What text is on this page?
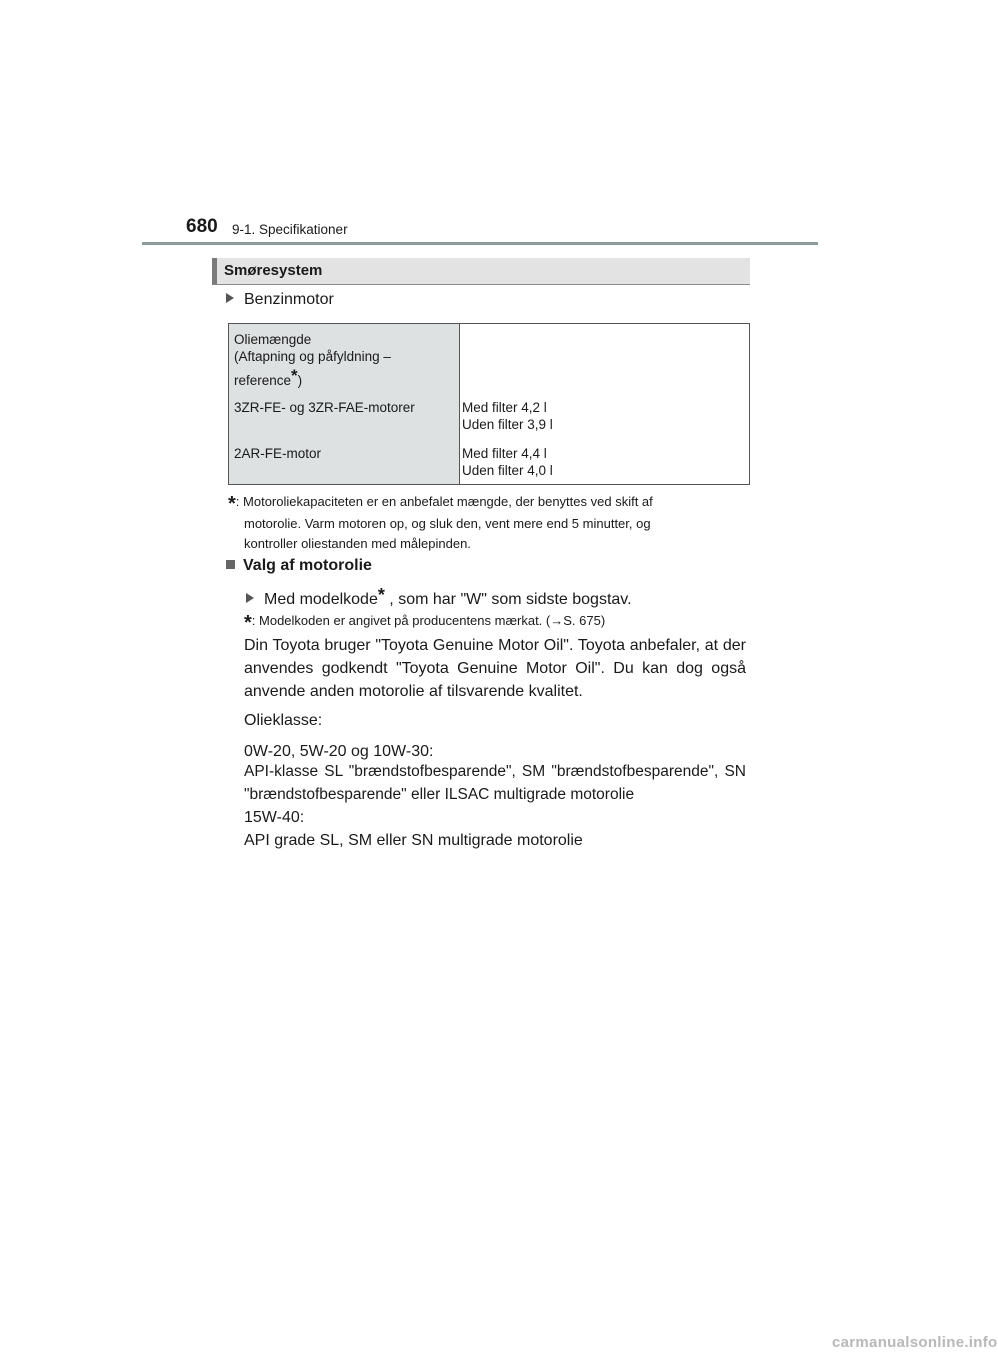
680 9-1. Specifikationer
Smøresystem
Benzinmotor
Oliemængde
(Aftapning og påfyldning –
reference*)
3ZR-FE- og 3ZR-FAE-motorer	Med filter 4,2 l
Uden filter 3,9 l
2AR-FE-motor	Med filter 4,4 l
Uden filter 4,0 l
*: Motoroliekapaciteten er en anbefalet mængde, der benyttes ved skift af
motorolie. Varm motoren op, og sluk den, vent mere end 5 minutter, og
kontroller oliestanden med målepinden.
Valg af motorolie
Med modelkode* , som har "W" som sidste bogstav.
*: Modelkoden er angivet på producentens mærkat. (→S. 675)
Din Toyota bruger "Toyota Genuine Motor Oil". Toyota anbefaler, at der anvendes godkendt "Toyota Genuine Motor Oil". Du kan dog også anvende anden motorolie af tilsvarende kvalitet.
Olieklasse:
0W-20, 5W-20 og 10W-30:
API-klasse SL "brændstofbesparende", SM "brændstofbesparende", SN "brændstofbesparende" eller ILSAC multigrade motorolie
15W-40:
API grade SL, SM eller SN multigrade motorolie
carmanualsonline.info
